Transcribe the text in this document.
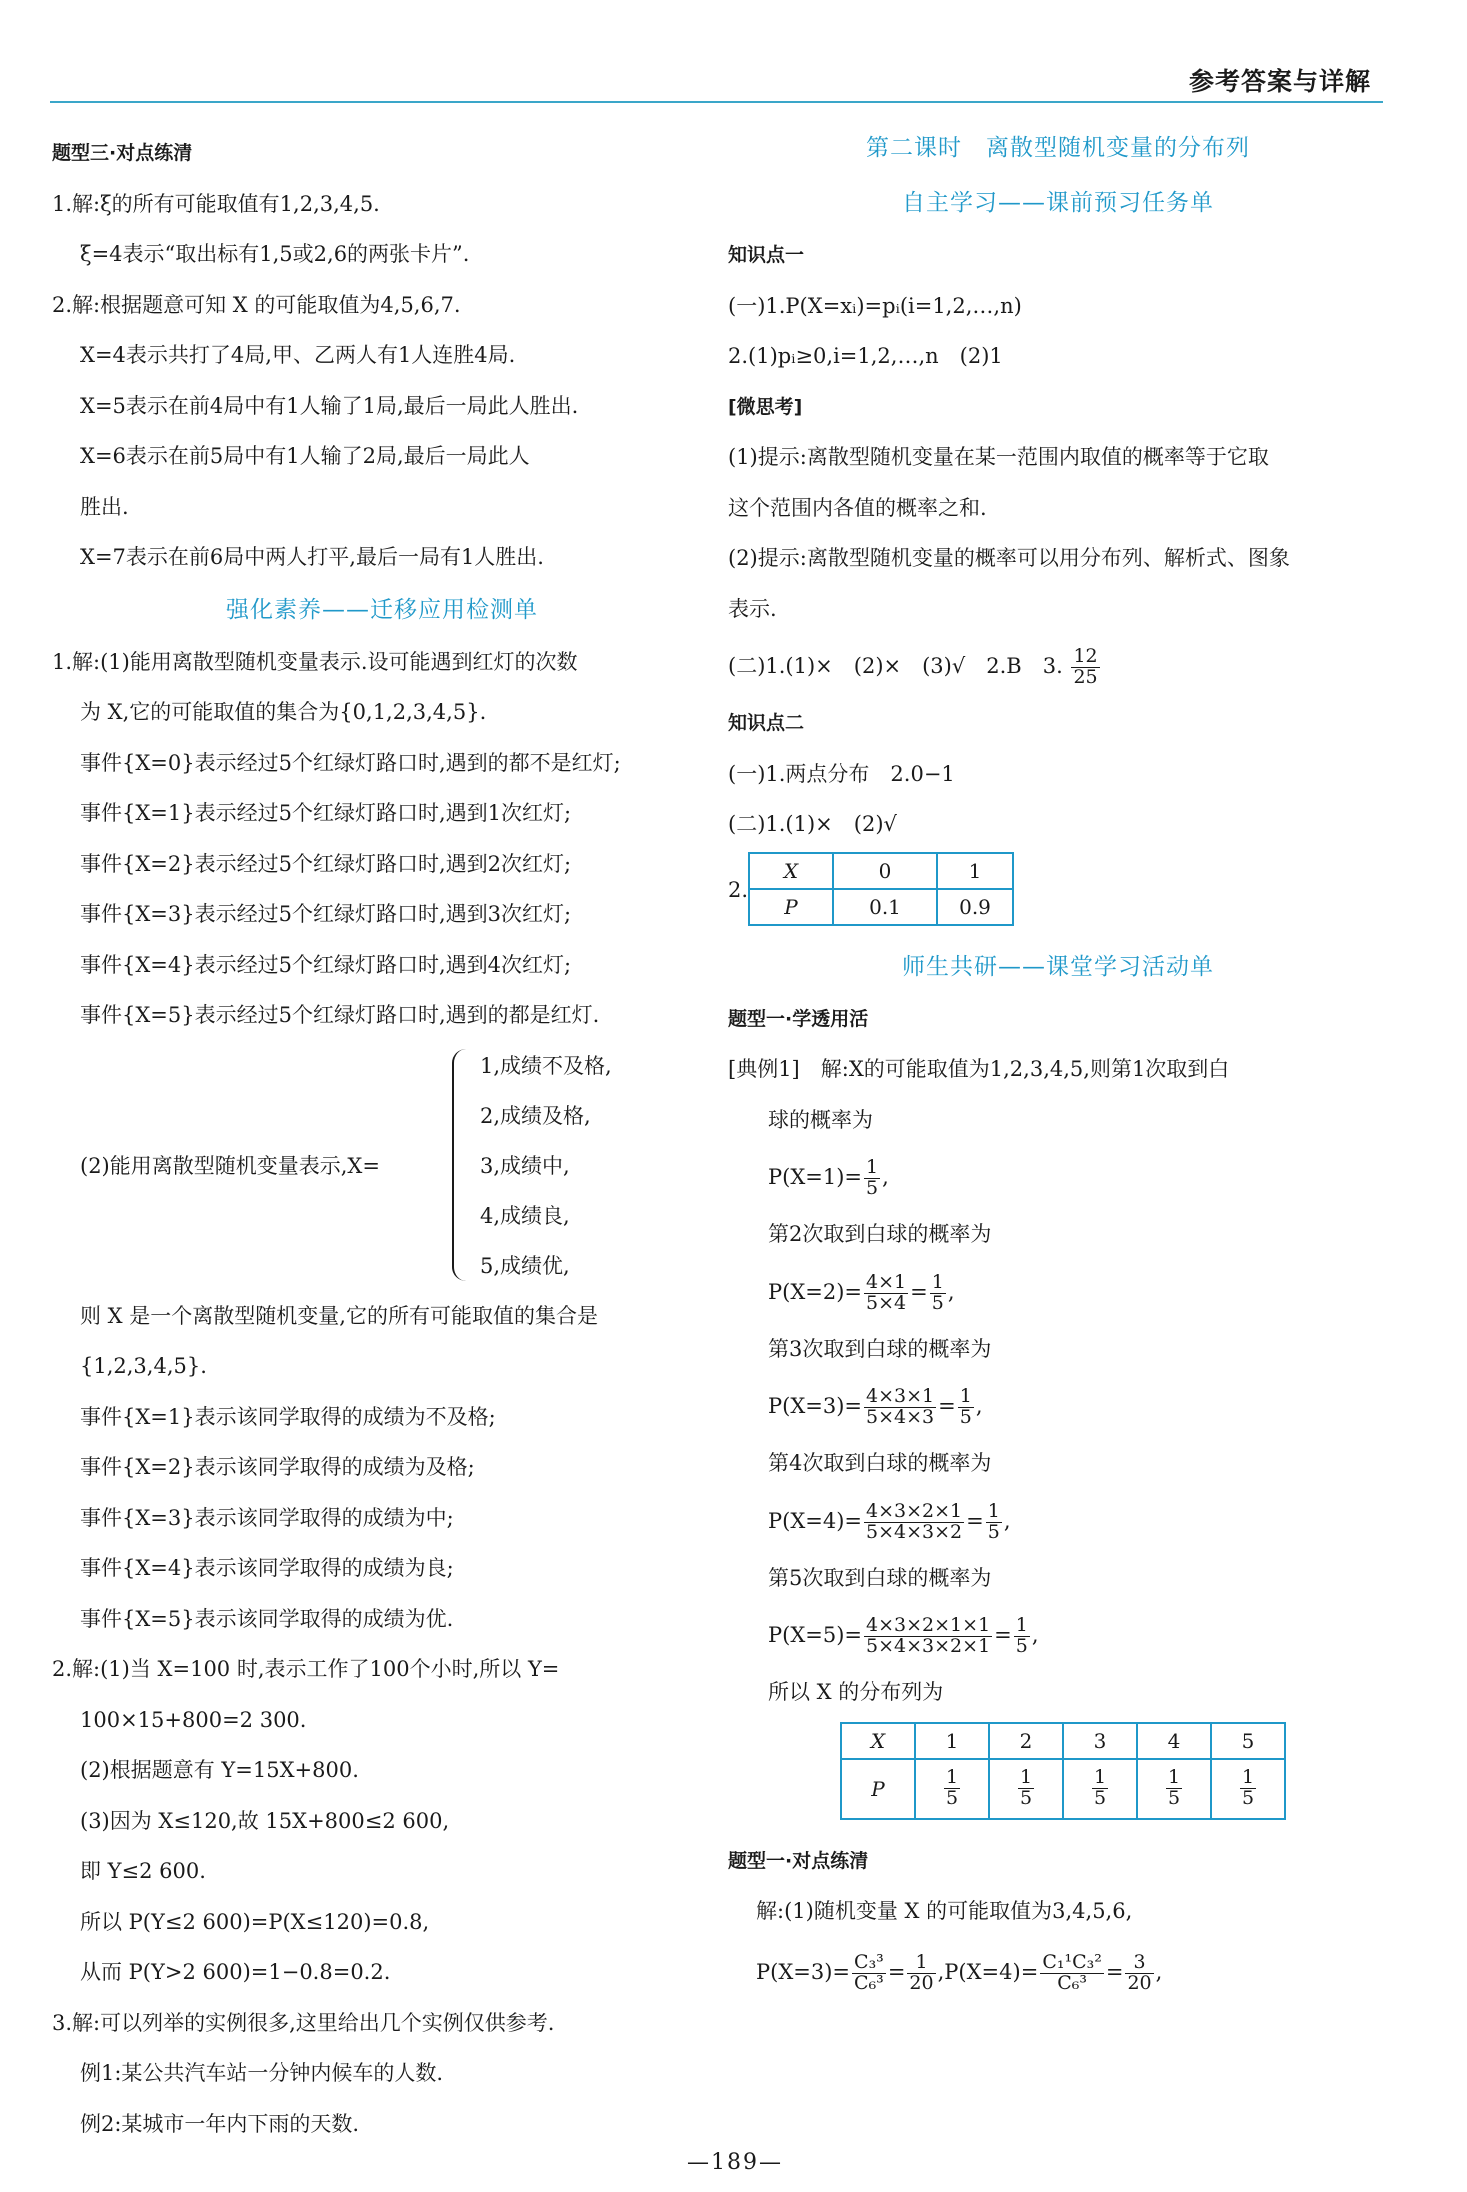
参考答案与详解
题型三·对点练清
1.解:ξ的所有可能取值有1,2,3,4,5.
ξ=4表示“取出标有1,5或2,6的两张卡片”.
2.解:根据题意可知 X 的可能取值为4,5,6,7.
X=4表示共打了4局,甲、乙两人有1人连胜4局.
X=5表示在前4局中有1人输了1局,最后一局此人胜出.
X=6表示在前5局中有1人输了2局,最后一局此人
胜出.
X=7表示在前6局中两人打平,最后一局有1人胜出.
强化素养——迁移应用检测单
1.解:(1)能用离散型随机变量表示.设可能遇到红灯的次数
为 X,它的可能取值的集合为{0,1,2,3,4,5}.
事件{X=0}表示经过5个红绿灯路口时,遇到的都不是红灯;
事件{X=1}表示经过5个红绿灯路口时,遇到1次红灯;
事件{X=2}表示经过5个红绿灯路口时,遇到2次红灯;
事件{X=3}表示经过5个红绿灯路口时,遇到3次红灯;
事件{X=4}表示经过5个红绿灯路口时,遇到4次红灯;
事件{X=5}表示经过5个红绿灯路口时,遇到的都是红灯.
(2)能用离散型随机变量表示,X=
1,成绩不及格,
2,成绩及格,
3,成绩中,
4,成绩良,
5,成绩优,
则 X 是一个离散型随机变量,它的所有可能取值的集合是
{1,2,3,4,5}.
事件{X=1}表示该同学取得的成绩为不及格;
事件{X=2}表示该同学取得的成绩为及格;
事件{X=3}表示该同学取得的成绩为中;
事件{X=4}表示该同学取得的成绩为良;
事件{X=5}表示该同学取得的成绩为优.
2.解:(1)当 X=100 时,表示工作了100个小时,所以 Y=
100×15+800=2 300.
(2)根据题意有 Y=15X+800.
(3)因为 X≤120,故 15X+800≤2 600,
即 Y≤2 600.
所以 P(Y≤2 600)=P(X≤120)=0.8,
从而 P(Y>2 600)=1−0.8=0.2.
3.解:可以列举的实例很多,这里给出几个实例仅供参考.
例1:某公共汽车站一分钟内候车的人数.
例2:某城市一年内下雨的天数.
第二课时　离散型随机变量的分布列
自主学习——课前预习任务单
知识点一
(一)1.P(X=xᵢ)=pᵢ(i=1,2,…,n)
2.(1)pᵢ≥0,i=1,2,…,n　(2)1
[微思考]
(1)提示:离散型随机变量在某一范围内取值的概率等于它取
这个范围内各值的概率之和.
(2)提示:离散型随机变量的概率可以用分布列、解析式、图象
表示.
(二)1.(1)×　(2)×　(3)√　2.B　3. $\frac{12}{25}$
知识点二
(一)1.两点分布　2.0−1
(二)1.(1)×　(2)√
2.
X	0	1
P	0.1	0.9
师生共研——课堂学习活动单
题型一·学透用活
[典例1]　解:X的可能取值为1,2,3,4,5,则第1次取到白
球的概率为
$P(X=1)= \frac{1}{5}$ ,
第2次取到白球的概率为
$P(X=2)= \frac{4\times 1}{5\times 4} = \frac{1}{5}$ ,
第3次取到白球的概率为
$P(X=3)= \frac{4\times 3\times 1}{5\times 4\times 3} = \frac{1}{5}$ ,
第4次取到白球的概率为
$P(X=4)= \frac{4\times 3\times 2\times 1}{5\times 4\times 3\times 2} = \frac{1}{5}$ ,
第5次取到白球的概率为
$P(X=5)= \frac{4\times 3\times 2\times 1\times 1}{5\times 4\times 3\times 2\times 1} = \frac{1}{5}$ ,
所以 X 的分布列为
X	1	2	3	4	5
P	$\frac{1}{5}$	$\frac{1}{5}$	$\frac{1}{5}$	$\frac{1}{5}$	$\frac{1}{5}$
题型一·对点练清
解:(1)随机变量 X 的可能取值为3,4,5,6,
$P(X=3)= \frac{\text{C₃³}}{\text{C₆³}} = \frac{1}{20} ,P(X=4)= \frac{\text{C₁¹C₃²}}{\text{C₆³}} = \frac{3}{20}$ ,
—189—
